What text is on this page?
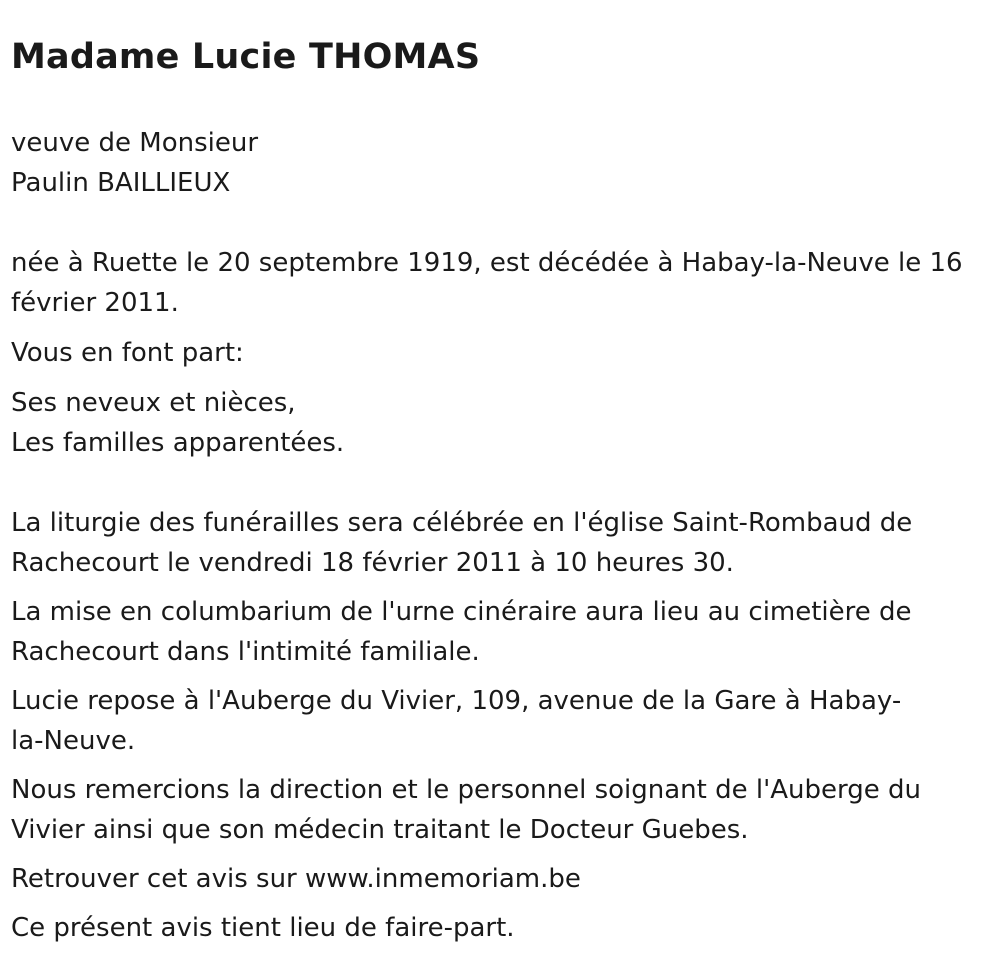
Madame Lucie THOMAS

veuve de Monsieur
Paulin BAILLIEUX

née à Ruette le 20 septembre 1919, est décédée à Habay-la-Neuve le 16
février 2011.

Vous en font part:

Ses neveux et nièces,
Les familles apparentées.

La liturgie des funérailles sera célébrée en l'église Saint-Rombaud de
Rachecourt le vendredi 18 février 2011 à 10 heures 30.

La mise en columbarium de l'urne cinéraire aura lieu au cimetière de
Rachecourt dans l'intimité familiale.

Lucie repose à l'Auberge du Vivier, 109, avenue de la Gare à Habay-
la-Neuve.

Nous remercions la direction et le personnel soignant de l'Auberge du
Vivier ainsi que son médecin traitant le Docteur Guebes.

Retrouver cet avis sur www.inmemoriam.be

Ce présent avis tient lieu de faire-part.
